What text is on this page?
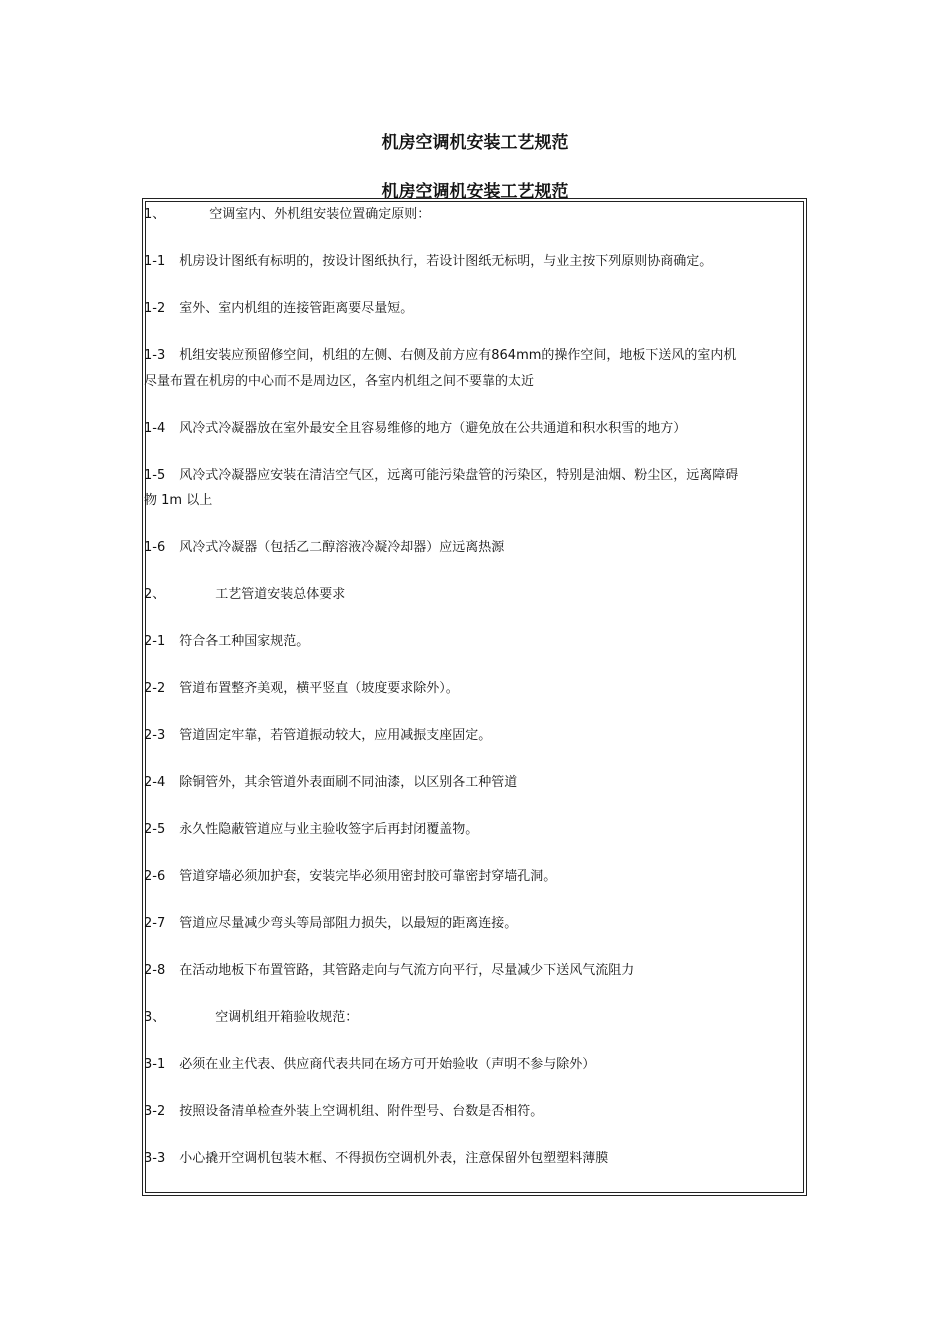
机房空调机安装工艺规范
机房空调机安装工艺规范
1、	空调室内、外机组安装位置确定原则：
1-1 机房设计图纸有标明的，按设计图纸执行，若设计图纸无标明，与业主按下列原则协商确定。
1-2 室外、室内机组的连接管距离要尽量短。
1-3 机组安装应预留修空间，机组的左侧、右侧及前方应有864mm的操作空间，地板下送风的室内机
尽量布置在机房的中心而不是周边区，各室内机组之间不要靠的太近
1-4 风冷式冷凝器放在室外最安全且容易维修的地方（避免放在公共通道和积水积雪的地方）
1-5 风冷式冷凝器应安装在清洁空气区，远离可能污染盘管的污染区，特别是油烟、粉尘区，远离障碍
物 1m 以上
1-6 风冷式冷凝器（包括乙二醇溶液冷凝冷却器）应远离热源
2、	工艺管道安装总体要求
2-1 符合各工种国家规范。
2-2 管道布置整齐美观，横平竖直（坡度要求除外）。
2-3 管道固定牢靠，若管道振动较大，应用减振支座固定。
2-4 除铜管外，其余管道外表面刷不同油漆，以区别各工种管道
2-5 永久性隐蔽管道应与业主验收签字后再封闭覆盖物。
2-6 管道穿墙必须加护套，安装完毕必须用密封胶可靠密封穿墙孔洞。
2-7 管道应尽量减少弯头等局部阻力损失，以最短的距离连接。
2-8 在活动地板下布置管路，其管路走向与气流方向平行，尽量减少下送风气流阻力
3、	空调机组开箱验收规范：
3-1 必须在业主代表、供应商代表共同在场方可开始验收（声明不参与除外）
3-2 按照设备清单检查外装上空调机组、附件型号、台数是否相符。
3-3 小心撬开空调机包装木框、不得损伤空调机外表，注意保留外包塑塑料薄膜
